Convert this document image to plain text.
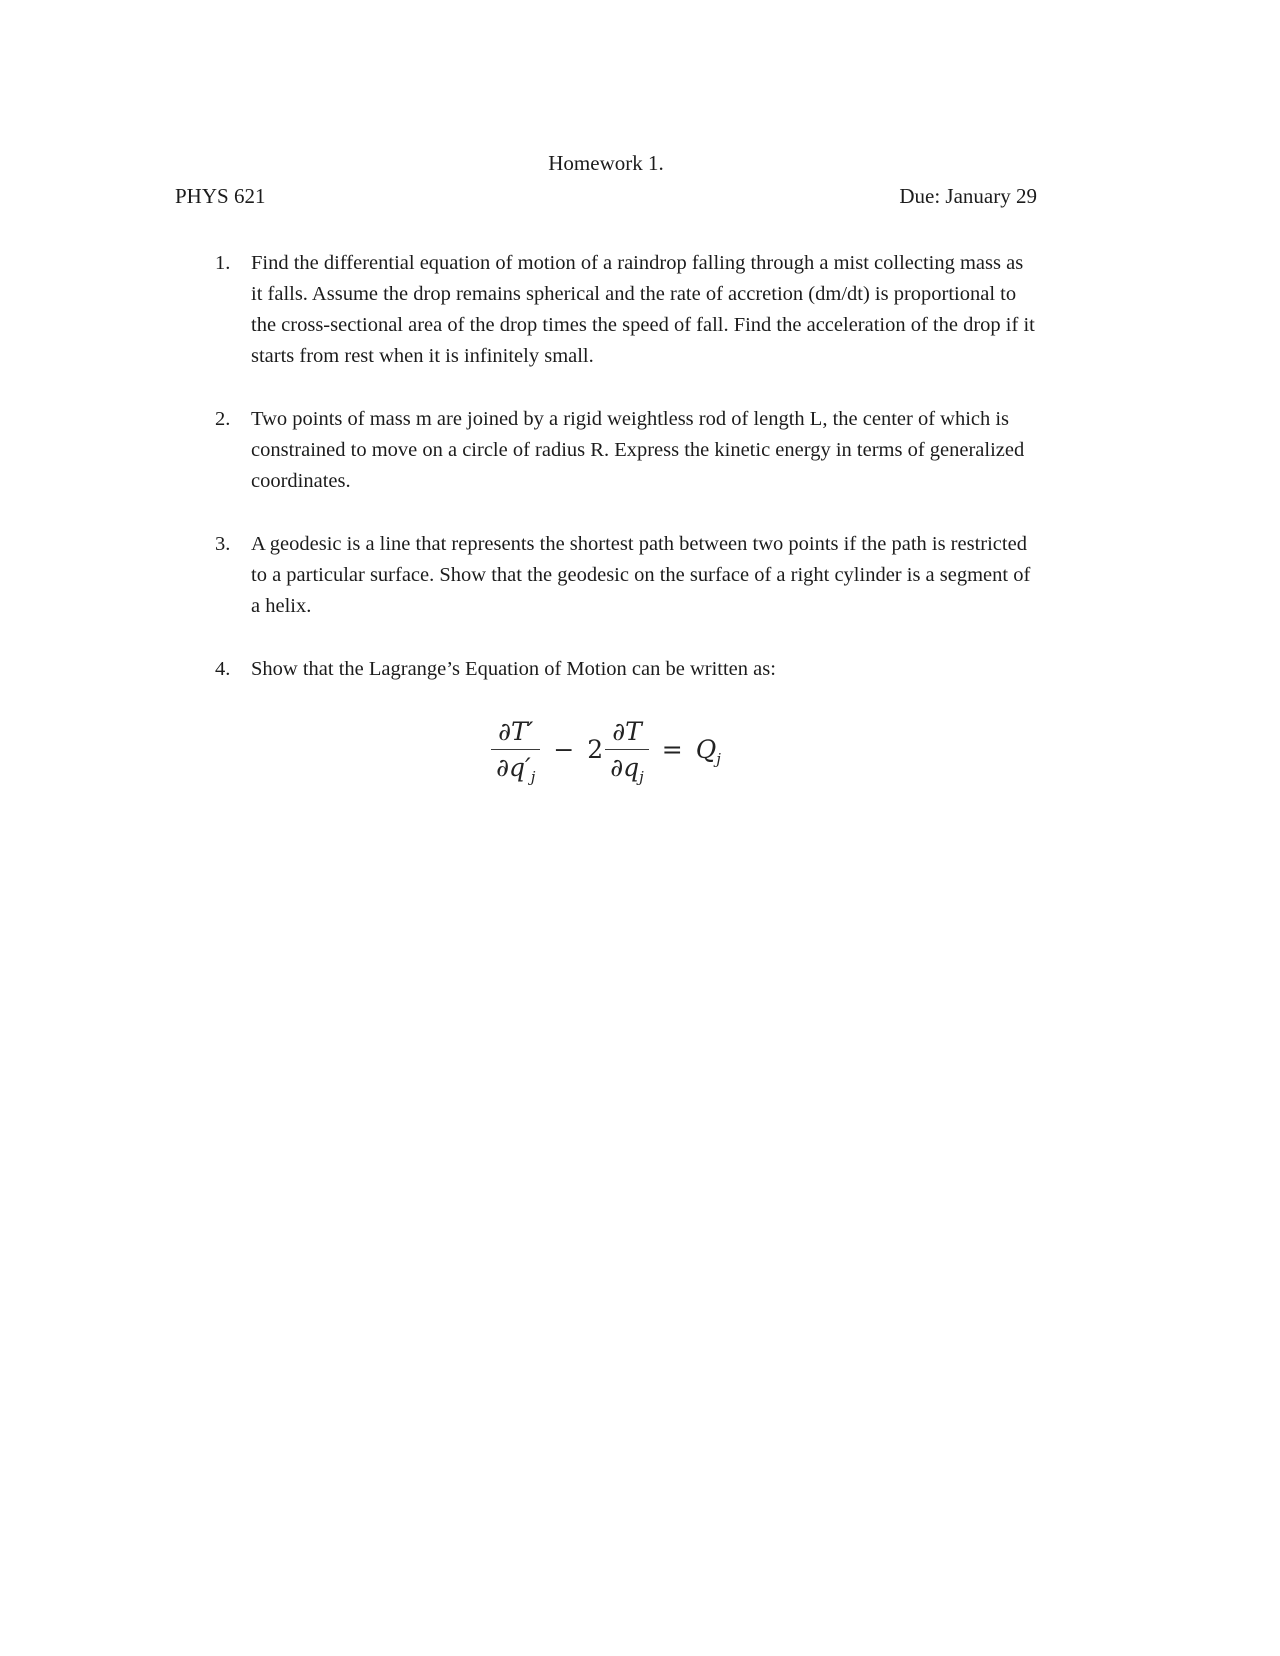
Homework 1.
PHYS 621	Due: January 29
1.	Find the differential equation of motion of a raindrop falling through a mist collecting mass as it falls. Assume the drop remains spherical and the rate of accretion (dm/dt) is proportional to the cross-sectional area of the drop times the speed of fall. Find the acceleration of the drop if it starts from rest when it is infinitely small.
2.	Two points of mass m are joined by a rigid weightless rod of length L, the center of which is constrained to move on a circle of radius R. Express the kinetic energy in terms of generalized coordinates.
3.	A geodesic is a line that represents the shortest path between two points if the path is restricted to a particular surface. Show that the geodesic on the surface of a right cylinder is a segment of a helix.
4.	Show that the Lagrange’s Equation of Motion can be written as:
$\frac{\partial T'}{\partial q'_j} - 2 \frac{\partial T}{\partial q_j} = Q_j$
